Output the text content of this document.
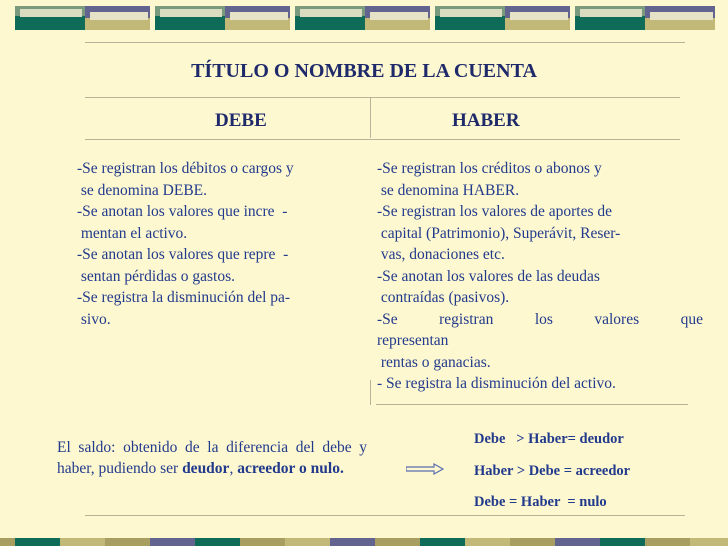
TÍTULO O NOMBRE DE LA CUENTA
DEBE	HABER
-Se registran los débitos o cargos y
se denomina DEBE.
-Se anotan los valores que incre  -
mentan el activo.
-Se anotan los valores que repre  -
sentan pérdidas o gastos.
-Se registra la disminución del pa-
sivo.
-Se registran los créditos o abonos y
se denomina HABER.
-Se registran los valores de aportes de
capital (Patrimonio), Superávit, Reser-
vas, donaciones etc.
-Se anotan los valores de las deudas
contraídas (pasivos).
-Se	registran	los	valores	que
representan
rentas o ganacias.
- Se registra la disminución del activo.
El saldo: obtenido de la diferencia del debe y haber, pudiendo ser deudor, acreedor o nulo.
Debe   > Haber= deudor
Haber > Debe = acreedor
Debe = Haber  = nulo
